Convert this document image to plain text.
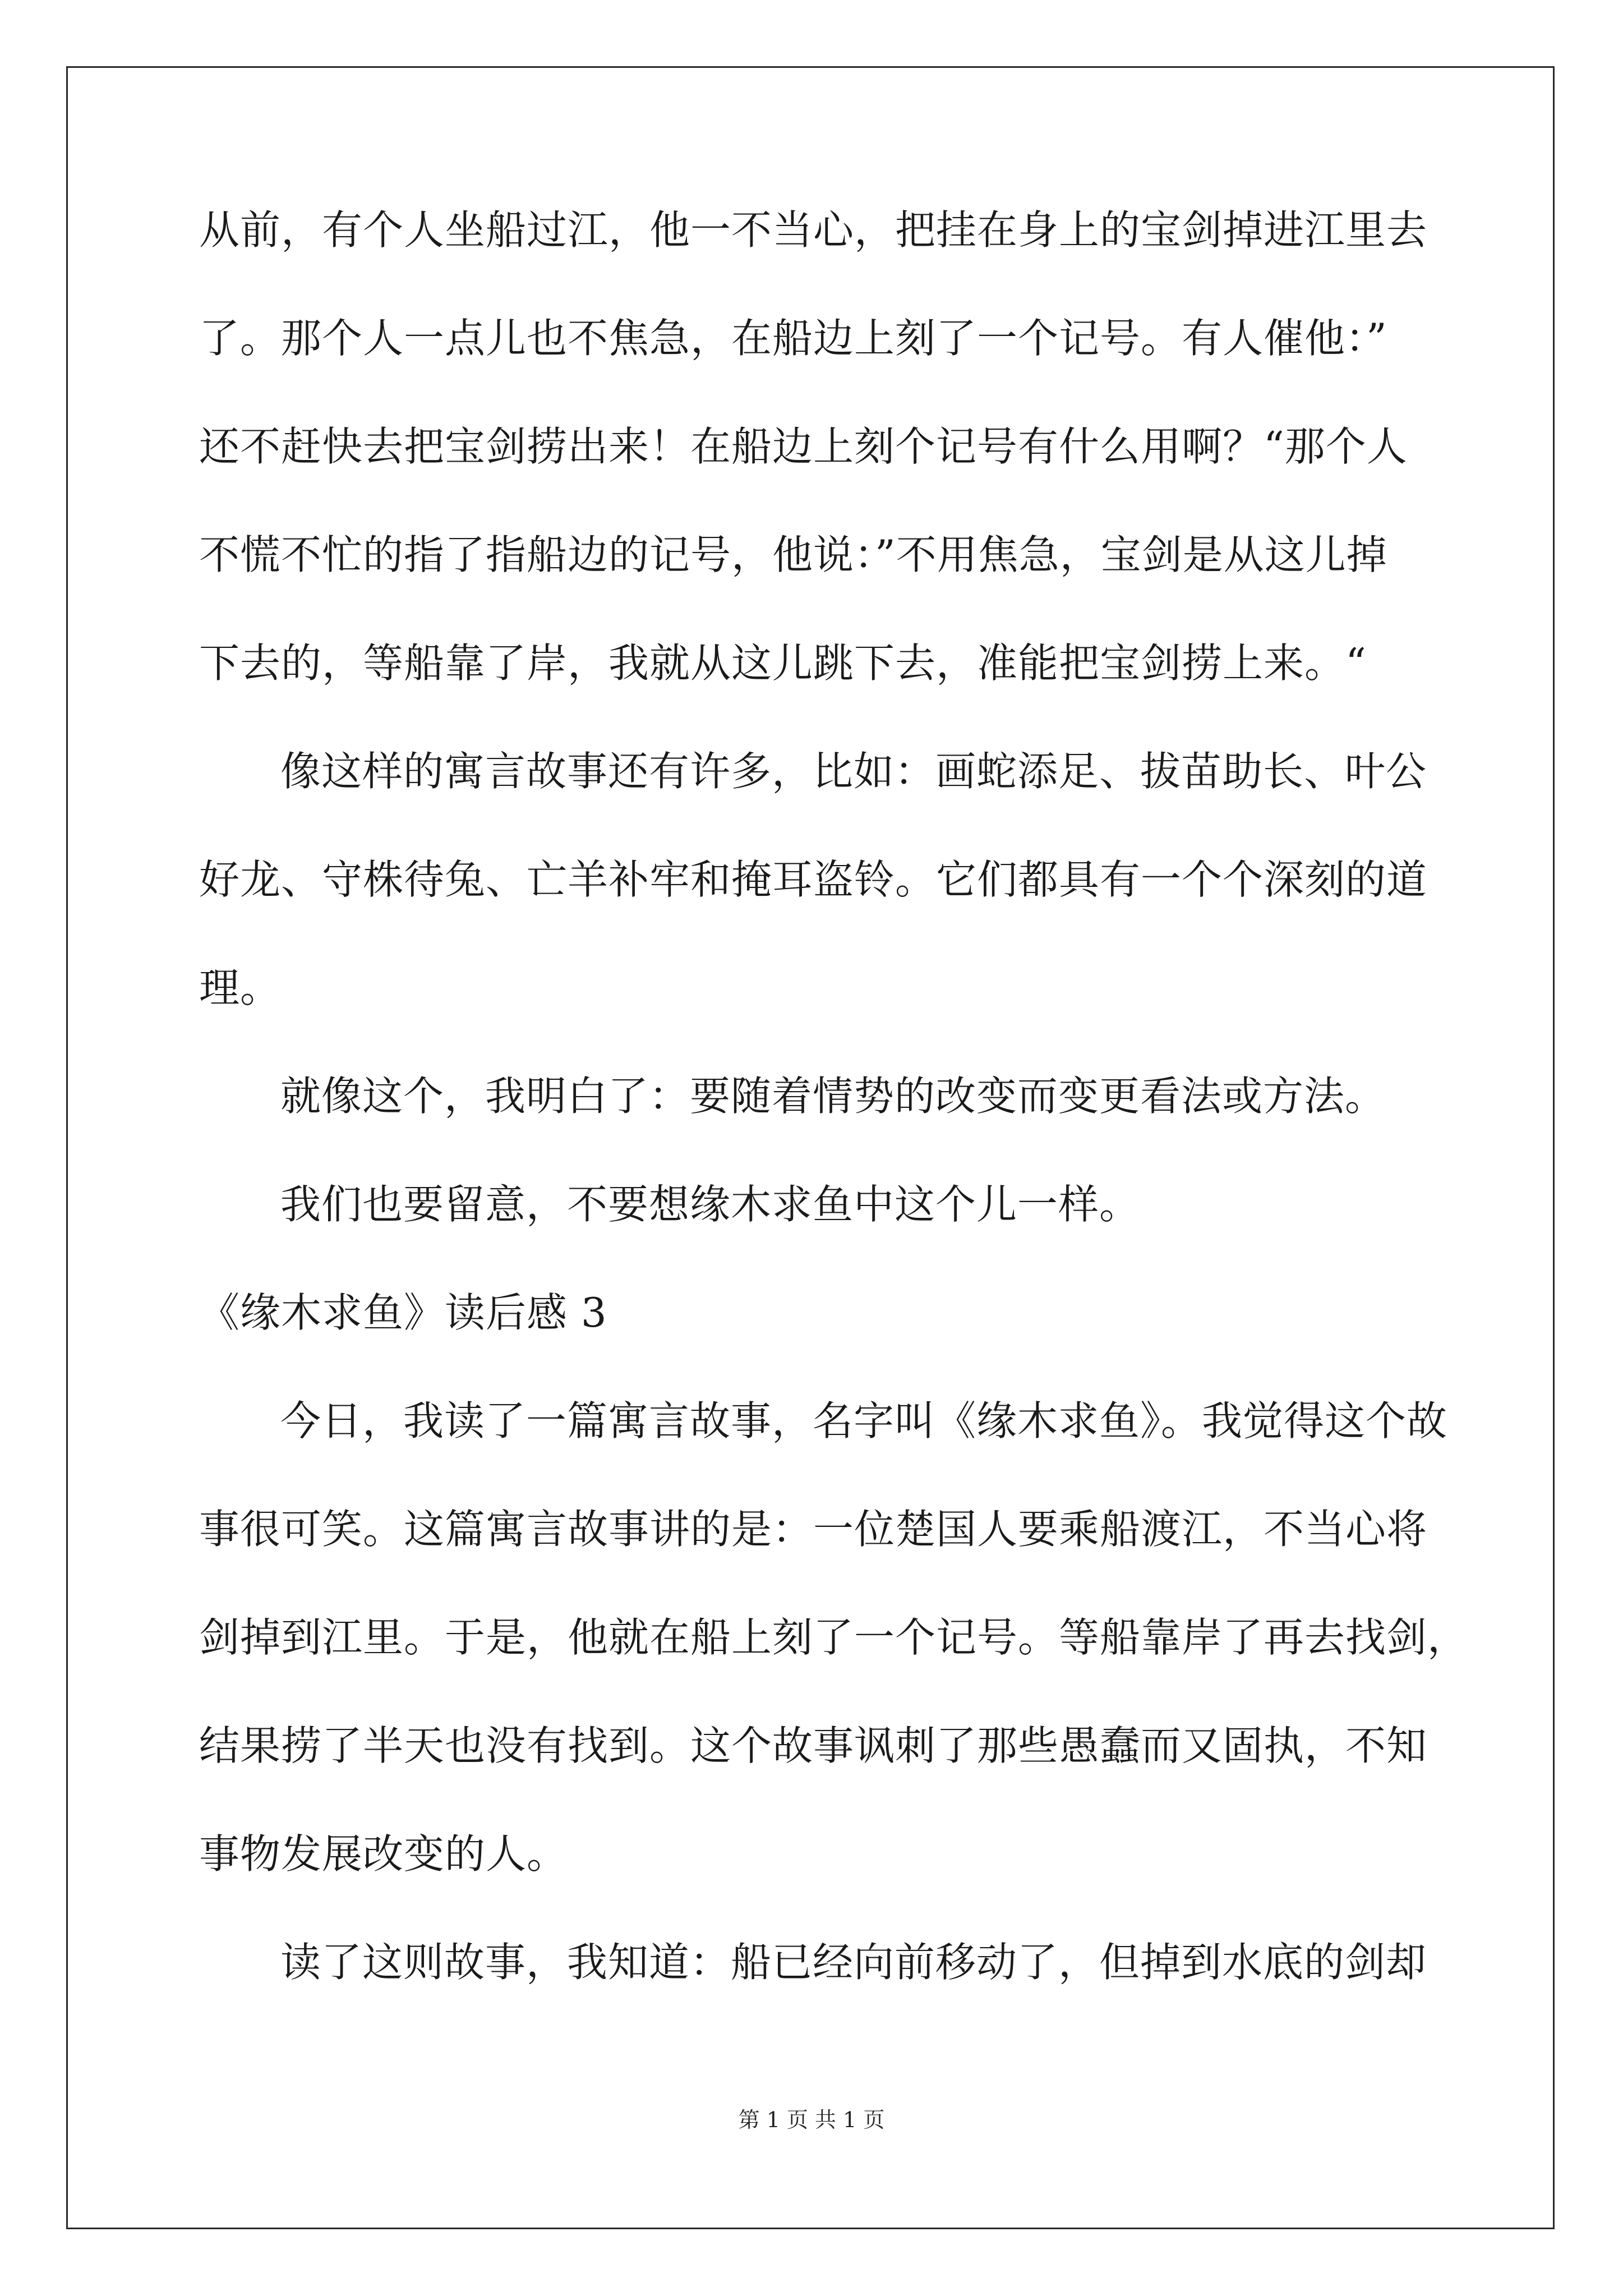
从前，有个人坐船过江，他一不当心，把挂在身上的宝剑掉进江里去
了。那个人一点儿也不焦急，在船边上刻了一个记号。有人催他：”
还不赶快去把宝剑捞出来！在船边上刻个记号有什么用啊？“那个人
不慌不忙的指了指船边的记号，他说：”不用焦急，宝剑是从这儿掉
下去的，等船靠了岸，我就从这儿跳下去，准能把宝剑捞上来。“
像这样的寓言故事还有许多，比如：画蛇添足、拔苗助长、叶公
好龙、守株待兔、亡羊补牢和掩耳盗铃。它们都具有一个个深刻的道
理。
就像这个，我明白了：要随着情势的改变而变更看法或方法。
我们也要留意，不要想缘木求鱼中这个儿一样。
《缘木求鱼》读后感 3
今日，我读了一篇寓言故事，名字叫《缘木求鱼》。我觉得这个故
事很可笑。这篇寓言故事讲的是：一位楚国人要乘船渡江，不当心将
剑掉到江里。于是，他就在船上刻了一个记号。等船靠岸了再去找剑，
结果捞了半天也没有找到。这个故事讽刺了那些愚蠢而又固执，不知
事物发展改变的人。
读了这则故事，我知道：船已经向前移动了，但掉到水底的剑却
第 1 页 共 1 页
